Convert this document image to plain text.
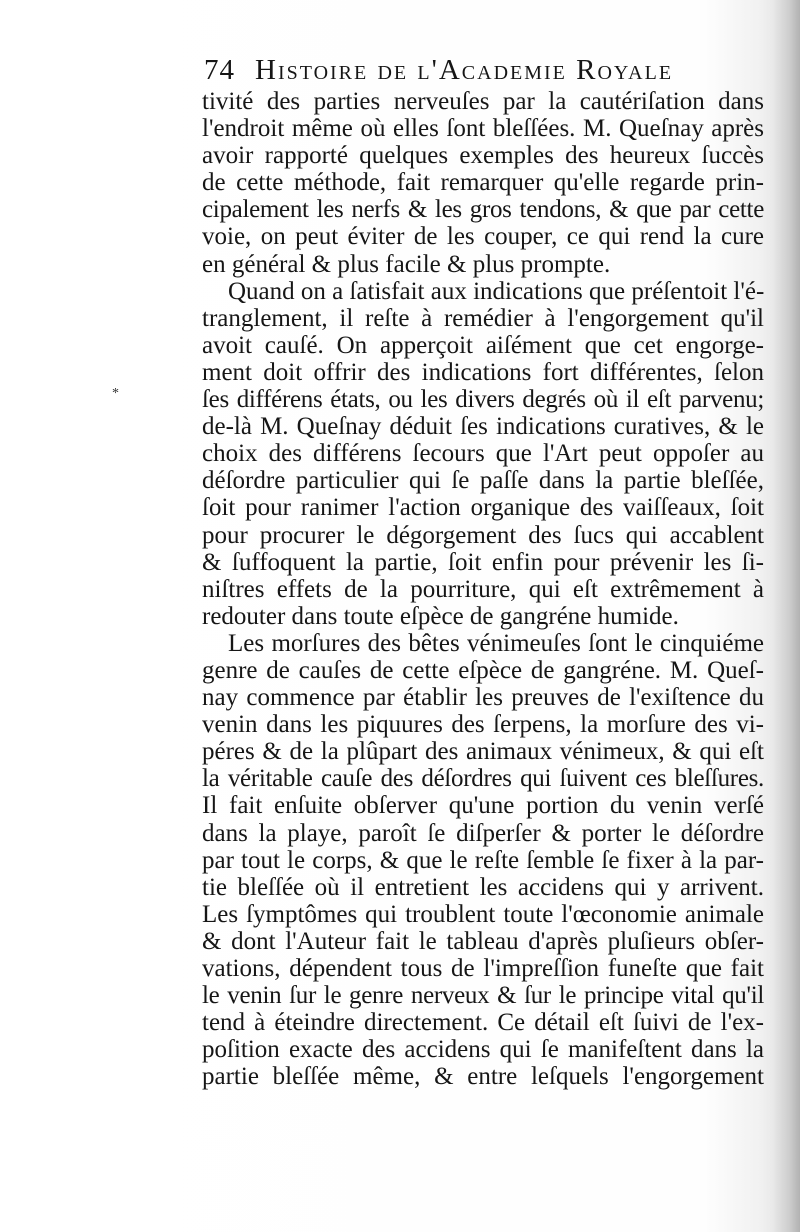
74 Histoire de l'Academie Royale
*
tivité des parties nerveuſes par la cautériſation dans
l'endroit même où elles ſont bleſſées. M. Queſnay après
avoir rapporté quelques exemples des heureux ſuccès
de cette méthode, fait remarquer qu'elle regarde prin-
cipalement les nerfs & les gros tendons, & que par cette
voie, on peut éviter de les couper, ce qui rend la cure
en général & plus facile & plus prompte.
Quand on a ſatisfait aux indications que préſentoit l'é-
tranglement, il reſte à remédier à l'engorgement qu'il
avoit cauſé. On apperçoit aiſément que cet engorge-
ment doit offrir des indications fort différentes, ſelon
ſes différens états, ou les divers degrés où il eſt parvenu;
de-là M. Queſnay déduit ſes indications curatives, & le
choix des différens ſecours que l'Art peut oppoſer au
déſordre particulier qui ſe paſſe dans la partie bleſſée,
ſoit pour ranimer l'action organique des vaiſſeaux, ſoit
pour procurer le dégorgement des ſucs qui accablent
& ſuffoquent la partie, ſoit enfin pour prévenir les ſi-
niſtres effets de la pourriture, qui eſt extrêmement à
redouter dans toute eſpèce de gangréne humide.
Les morſures des bêtes vénimeuſes ſont le cinquiéme
genre de cauſes de cette eſpèce de gangréne. M. Queſ-
nay commence par établir les preuves de l'exiſtence du
venin dans les piquures des ſerpens, la morſure des vi-
péres & de la plûpart des animaux vénimeux, & qui eſt
la véritable cauſe des déſordres qui ſuivent ces bleſſures.
Il fait enſuite obſerver qu'une portion du venin verſé
dans la playe, paroît ſe diſperſer & porter le déſordre
par tout le corps, & que le reſte ſemble ſe fixer à la par-
tie bleſſée où il entretient les accidens qui y arrivent.
Les ſymptômes qui troublent toute l'œconomie animale
& dont l'Auteur fait le tableau d'après pluſieurs obſer-
vations, dépendent tous de l'impreſſion funeſte que fait
le venin ſur le genre nerveux & ſur le principe vital qu'il
tend à éteindre directement. Ce détail eſt ſuivi de l'ex-
poſition exacte des accidens qui ſe manifeſtent dans la
partie bleſſée même, & entre leſquels l'engorgement
